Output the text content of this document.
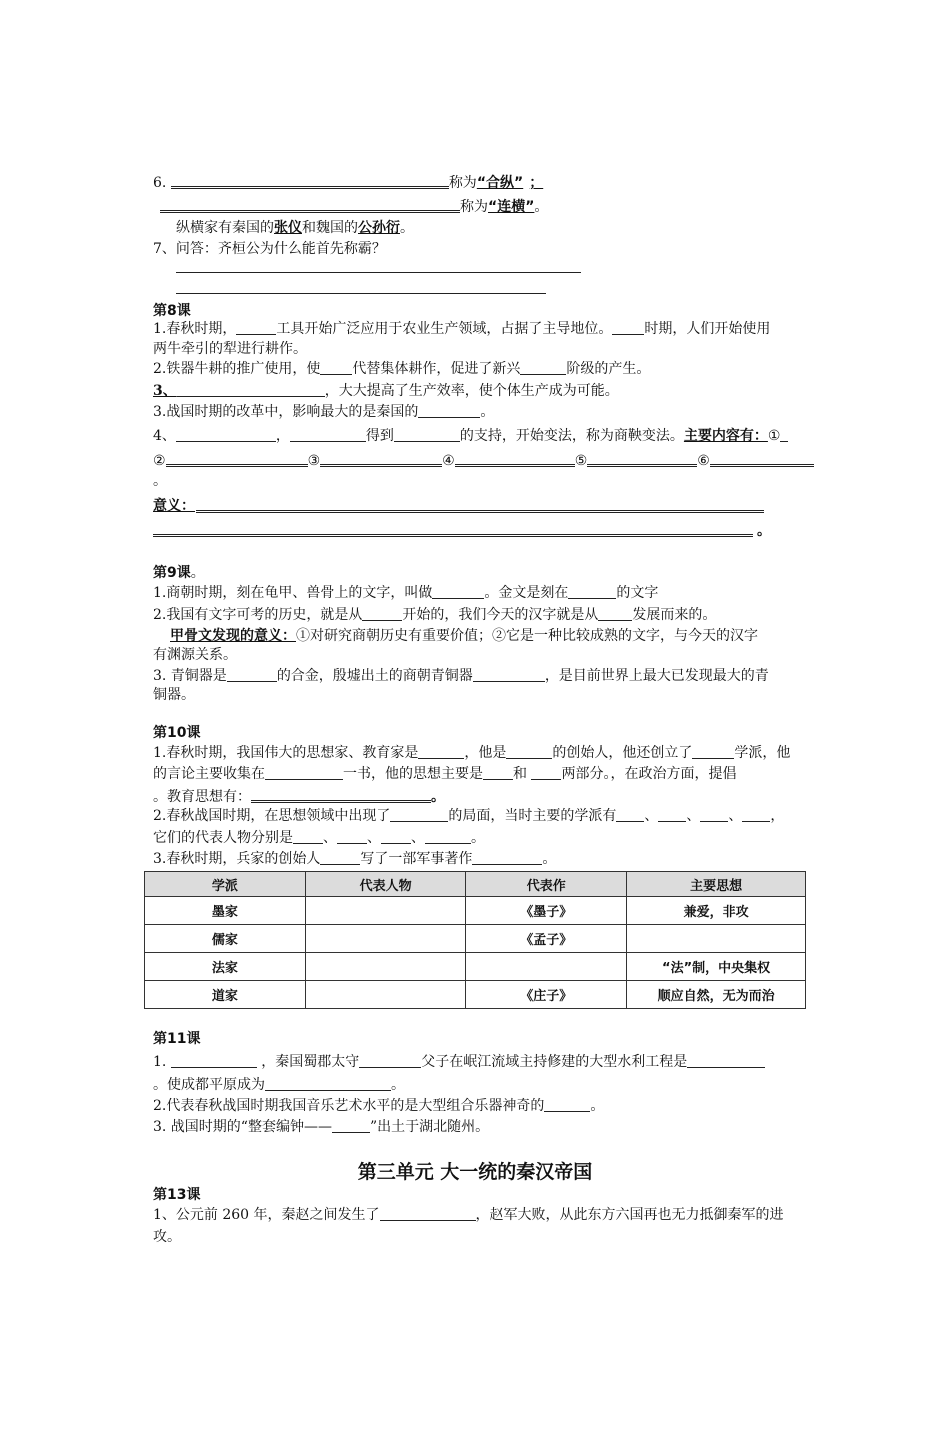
6.	称为“合纵” ；
称为“连横”。
纵横家有秦国的张仪和魏国的公孙衍。
7、问答：齐桓公为什么能首先称霸？
第8课
1.春秋时期，	工具开始广泛应用于农业生产领域，占据了主导地位。 时期，人们开始使用
两牛牵引的犁进行耕作。
2.铁器牛耕的推广使用，使 代替集体耕作，促进了新兴	阶级的产生。
3、	，大大提高了生产效率，使个体生产成为可能。
3.战国时期的改革中，影响最大的是秦国的	。
4、	，	得到	的支持，开始变法，称为商鞅变法。主要内容有：①
②	③	④	⑤	⑥
。
意义：
。
第9课。
1.商朝时期，刻在龟甲、兽骨上的文字，叫做	。金文是刻在	的文字
2.我国有文字可考的历史，就是从	开始的，我们今天的汉字就是从 发展而来的。
甲骨文发现的意义：①对研究商朝历史有重要价值；②它是一种比较成熟的文字，与今天的汉字
有渊源关系。
3. 青铜器是	的合金，殷墟出土的商朝青铜器	，是目前世界上最大已发现最大的青
铜器。
第10课
1.春秋时期，我国伟大的思想家、教育家是	，他是	的创始人，他还创立了	学派，他
的言论主要收集在	一书，他的思想主要是 和 两部分。，在政治方面，提倡
。教育思想有：	。
2.春秋战国时期，在思想领域中出现了	的局面，当时主要的学派有 、 、 、 ，
它们的代表人物分别是 、 、 、	。
3.春秋时期，兵家的创始人	写了一部军事著作	。
学派	代表人物	代表作	主要思想
墨家		《墨子》	兼爱，非攻
儒家		《孟子》	
法家			“法”制，中央集权
道家		《庄子》	顺应自然，无为而治
第11课
1.	，秦国蜀郡太守	父子在岷江流域主持修建的大型水利工程是
。使成都平原成为	。
2.代表春秋战国时期我国音乐艺术水平的是大型组合乐器神奇的	。
3. 战国时期的“整套编钟——	”出土于湖北随州。
第三单元 大一统的秦汉帝国
第13课
1、公元前 260 年，秦赵之间发生了	，赵军大败，从此东方六国再也无力抵御秦军的进
攻。
